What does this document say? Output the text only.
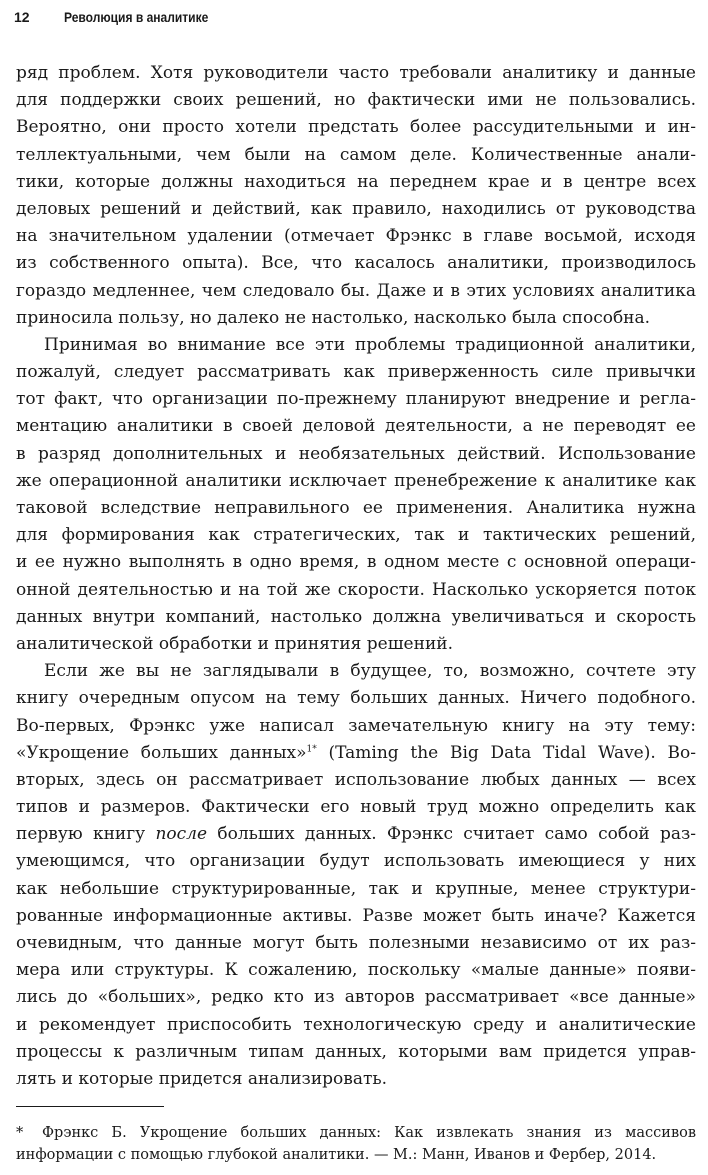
12 Революция в аналитике
ряд проблем. Хотя руководители часто требовали аналитику и данные
для поддержки своих решений, но фактически ими не пользовались.
Вероятно, они просто хотели предстать более рассудительными и ин-
теллектуальными, чем были на самом деле. Количественные анали-
тики, которые должны находиться на переднем крае и в центре всех
деловых решений и действий, как правило, находились от руководства
на значительном удалении (отмечает Фрэнкс в главе восьмой, исходя
из собственного опыта). Все, что касалось аналитики, производилось
гораздо медленнее, чем следовало бы. Даже и в этих условиях аналитика
приносила пользу, но далеко не настолько, насколько была способна.
Принимая во внимание все эти проблемы традиционной аналитики,
пожалуй, следует рассматривать как приверженность силе привычки
тот факт, что организации по-прежнему планируют внедрение и регла-
ментацию аналитики в своей деловой деятельности, а не переводят ее
в разряд дополнительных и необязательных действий. Использование
же операционной аналитики исключает пренебрежение к аналитике как
таковой вследствие неправильного ее применения. Аналитика нужна
для формирования как стратегических, так и тактических решений,
и ее нужно выполнять в одно время, в одном месте с основной операци-
онной деятельностью и на той же скорости. Насколько ускоряется поток
данных внутри компаний, настолько должна увеличиваться и скорость
аналитической обработки и принятия решений.
Если же вы не заглядывали в будущее, то, возможно, сочтете эту
книгу очередным опусом на тему больших данных. Ничего подобного.
Во-первых, Фрэнкс уже написал замечательную книгу на эту тему:
«Укрощение больших данных»$^{1*}$ (Taming the Big Data Tidal Wave). Во-
вторых, здесь он рассматривает использование любых данных — всех
типов и размеров. Фактически его новый труд можно определить как
первую книгу после больших данных. Фрэнкс считает само собой раз-
умеющимся, что организации будут использовать имеющиеся у них
как небольшие структурированные, так и крупные, менее структури-
рованные информационные активы. Разве может быть иначе? Кажется
очевидным, что данные могут быть полезными независимо от их раз-
мера или структуры. К сожалению, поскольку «малые данные» появи-
лись до «больших», редко кто из авторов рассматривает «все данные»
и рекомендует приспособить технологическую среду и аналитические
процессы к различным типам данных, которыми вам придется управ-
лять и которые придется анализировать.
* Фрэнкс Б. Укрощение больших данных: Как извлекать знания из массивов
информации с помощью глубокой аналитики. — М.: Манн, Иванов и Фербер, 2014.
